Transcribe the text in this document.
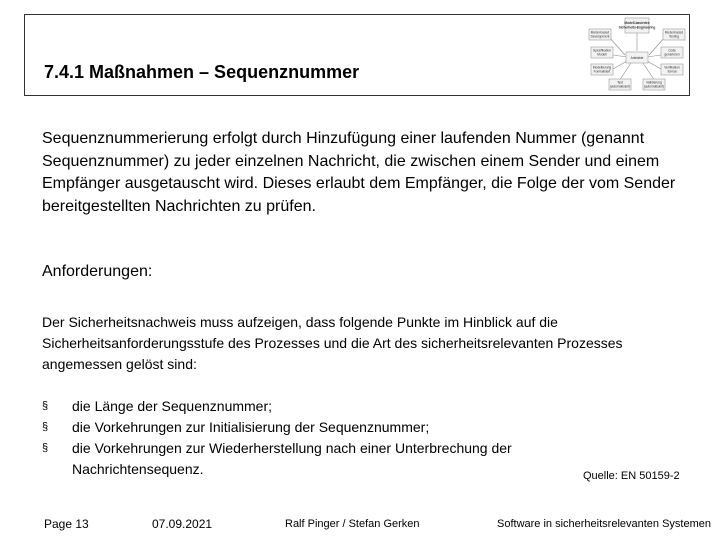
7.4.1 Maßnahmen – Sequenznummer
Modell-basiertes
Sicherheits-Engineering
Model-based
Development
Model-based
Testing
Spezifikation
Modell
Code
generieren
Artefakte
Modellierung
Formalisiert
Verifikation
formal
Test
(automatisiert)
Validierung
(automatisiert)
Sequenznummerierung erfolgt durch Hinzufügung einer laufenden Nummer (genannt Sequenznummer) zu jeder einzelnen Nachricht, die zwischen einem Sender und einem Empfänger ausgetauscht wird. Dieses erlaubt dem Empfänger, die Folge der vom Sender bereitgestellten Nachrichten zu prüfen.
Anforderungen:
Der Sicherheitsnachweis muss aufzeigen, dass folgende Punkte im Hinblick auf die Sicherheitsanforderungsstufe des Prozesses und die Art des sicherheitsrelevanten Prozesses angemessen gelöst sind:
§ die Länge der Sequenznummer;
§ die Vorkehrungen zur Initialisierung der Sequenznummer;
§ die Vorkehrungen zur Wiederherstellung nach einer Unterbrechung der Nachrichtensequenz.	Quelle: EN 50159-2
Page 13	07.09.2021	Ralf Pinger / Stefan Gerken	Software in sicherheitsrelevanten Systemen
